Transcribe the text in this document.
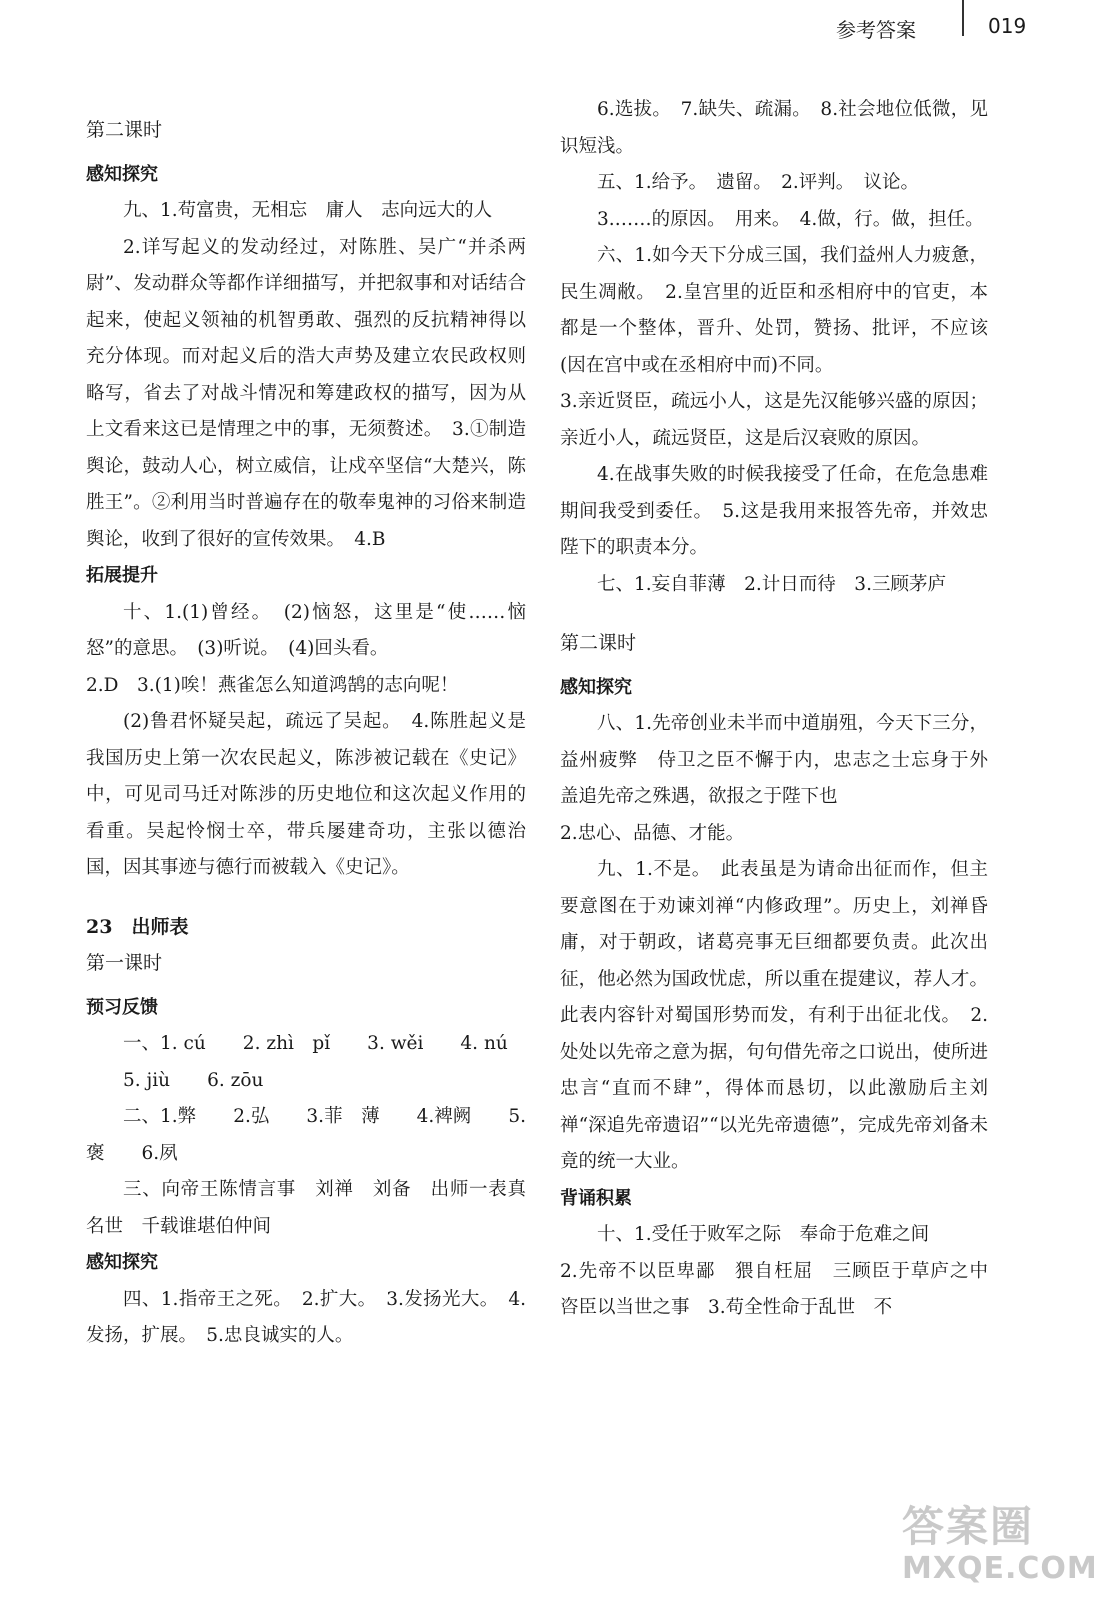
参考答案	019

第二课时

感知探究

九、1.苟富贵，无相忘　庸人　志向远大的人

2.详写起义的发动经过，对陈胜、吴广“并杀两尉”、发动群众等都作详细描写，并把叙事和对话结合起来，使起义领袖的机智勇敢、强烈的反抗精神得以充分体现。而对起义后的浩大声势及建立农民政权则略写，省去了对战斗情况和筹建政权的描写，因为从上文看来这已是情理之中的事，无须赘述。　3.①制造舆论，鼓动人心，树立威信，让戍卒坚信“大楚兴，陈胜王”。②利用当时普遍存在的敬奉鬼神的习俗来制造舆论，收到了很好的宣传效果。　4.B

拓展提升

十、1.(1)曾经。　(2)恼怒，这里是“使……恼怒”的意思。　(3)听说。　(4)回头看。

2.D　3.(1)唉！燕雀怎么知道鸿鹄的志向呢！

(2)鲁君怀疑吴起，疏远了吴起。　4.陈胜起义是我国历史上第一次农民起义，陈涉被记载在《史记》中，可见司马迁对陈涉的历史地位和这次起义作用的看重。吴起怜悯士卒，带兵屡建奇功，主张以德治国，因其事迹与德行而被载入《史记》。

23　出师表

第一课时

预习反馈

一、1. cú　　2. zhì　pǐ　　3. wěi　　4. nú

5. jiù　　6. zōu

二、1.弊　　2.弘　　3.菲　薄　　4.裨阙　　5.褒　　6.夙

三、向帝王陈情言事　刘禅　刘备　出师一表真名世　千载谁堪伯仲间

感知探究

四、1.指帝王之死。　2.扩大。　3.发扬光大。　4.发扬，扩展。　5.忠良诚实的人。

6.选拔。　7.缺失、疏漏。　8.社会地位低微，见识短浅。

五、1.给予。　遗留。　2.评判。　议论。

3.……的原因。　用来。　4.做，行。做，担任。

六、1.如今天下分成三国，我们益州人力疲惫，民生凋敝。　2.皇宫里的近臣和丞相府中的官吏，本都是一个整体，晋升、处罚，赞扬、批评，不应该(因在宫中或在丞相府中而)不同。

3.亲近贤臣，疏远小人，这是先汉能够兴盛的原因；亲近小人，疏远贤臣，这是后汉衰败的原因。

4.在战事失败的时候我接受了任命，在危急患难期间我受到委任。　5.这是我用来报答先帝，并效忠陛下的职责本分。

七、1.妄自菲薄　2.计日而待　3.三顾茅庐

第二课时

感知探究

八、1.先帝创业未半而中道崩殂，今天下三分，益州疲弊　侍卫之臣不懈于内，忠志之士忘身于外　盖追先帝之殊遇，欲报之于陛下也

2.忠心、品德、才能。

九、1.不是。　此表虽是为请命出征而作，但主要意图在于劝谏刘禅“内修政理”。历史上，刘禅昏庸，对于朝政，诸葛亮事无巨细都要负责。此次出征，他必然为国政忧虑，所以重在提建议，荐人才。此表内容针对蜀国形势而发，有利于出征北伐。　2.处处以先帝之意为据，句句借先帝之口说出，使所进忠言“直而不肆”，得体而恳切，以此激励后主刘禅“深追先帝遗诏”“以光先帝遗德”，完成先帝刘备未竟的统一大业。

背诵积累

十、1.受任于败军之际　奉命于危难之间

2.先帝不以臣卑鄙　猥自枉屈　三顾臣于草庐之中　咨臣以当世之事　3.苟全性命于乱世　不

答案圈
MXQE.COM
